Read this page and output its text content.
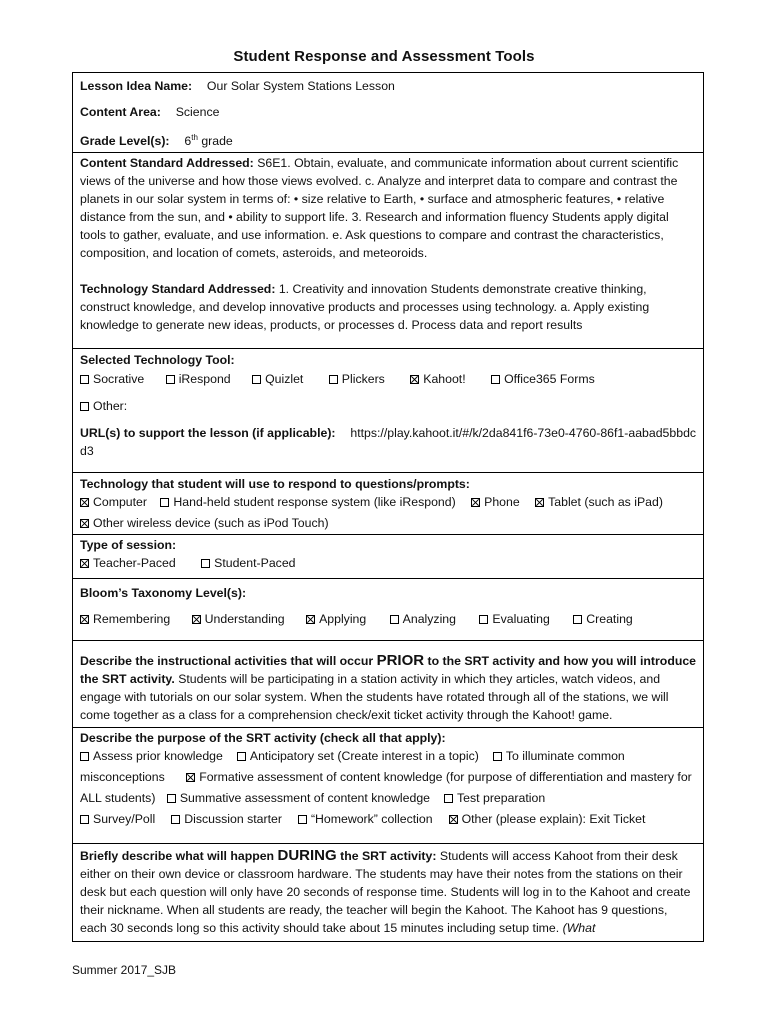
Student Response and Assessment Tools
Lesson Idea Name: Our Solar System Stations Lesson
Content Area: Science
Grade Level(s): 6th grade
Content Standard Addressed: S6E1. Obtain, evaluate, and communicate information about current scientific views of the universe and how those views evolved. c. Analyze and interpret data to compare and contrast the planets in our solar system in terms of: • size relative to Earth, • surface and atmospheric features, • relative distance from the sun, and • ability to support life. 3. Research and information fluency Students apply digital tools to gather, evaluate, and use information. e. Ask questions to compare and contrast the characteristics, composition, and location of comets, asteroids, and meteoroids.
Technology Standard Addressed: 1. Creativity and innovation Students demonstrate creative thinking, construct knowledge, and develop innovative products and processes using technology. a. Apply existing knowledge to generate new ideas, products, or processes d. Process data and report results
Selected Technology Tool:
Socrative	iRespond	Quizlet	Plickers	Kahoot!	Office365 Forms
Other:
URL(s) to support the lesson (if applicable): https://play.kahoot.it/#/k/2da841f6-73e0-4760-86f1-aabad5bbdcd3
Technology that student will use to respond to questions/prompts:
Computer Hand-held student response system (like iRespond) Phone Tablet (such as iPad)
Other wireless device (such as iPod Touch)
Type of session:
Teacher-Paced	Student-Paced
Bloom’s Taxonomy Level(s):
Remembering	Understanding	Applying	Analyzing	Evaluating	Creating
Describe the instructional activities that will occur PRIOR to the SRT activity and how you will introduce the SRT activity. Students will be participating in a station activity in which they articles, watch videos, and engage with tutorials on our solar system. When the students have rotated through all of the stations, we will come together as a class for a comprehension check/exit ticket activity through the Kahoot! game.
Describe the purpose of the SRT activity (check all that apply):
Assess prior knowledge Anticipatory set (Create interest in a topic) To illuminate common misconceptions	Formative assessment of content knowledge (for purpose of differentiation and mastery for ALL students) Summative assessment of content knowledge Test preparation
Survey/Poll Discussion starter “Homework” collection Other (please explain): Exit Ticket
Briefly describe what will happen DURING the SRT activity: Students will access Kahoot from their desk either on their own device or classroom hardware. The students may have their notes from the stations on their desk but each question will only have 20 seconds of response time. Students will log in to the Kahoot and create their nickname. When all students are ready, the teacher will begin the Kahoot. The Kahoot has 9 questions, each 30 seconds long so this activity should take about 15 minutes including setup time. (What
Summer 2017_SJB
